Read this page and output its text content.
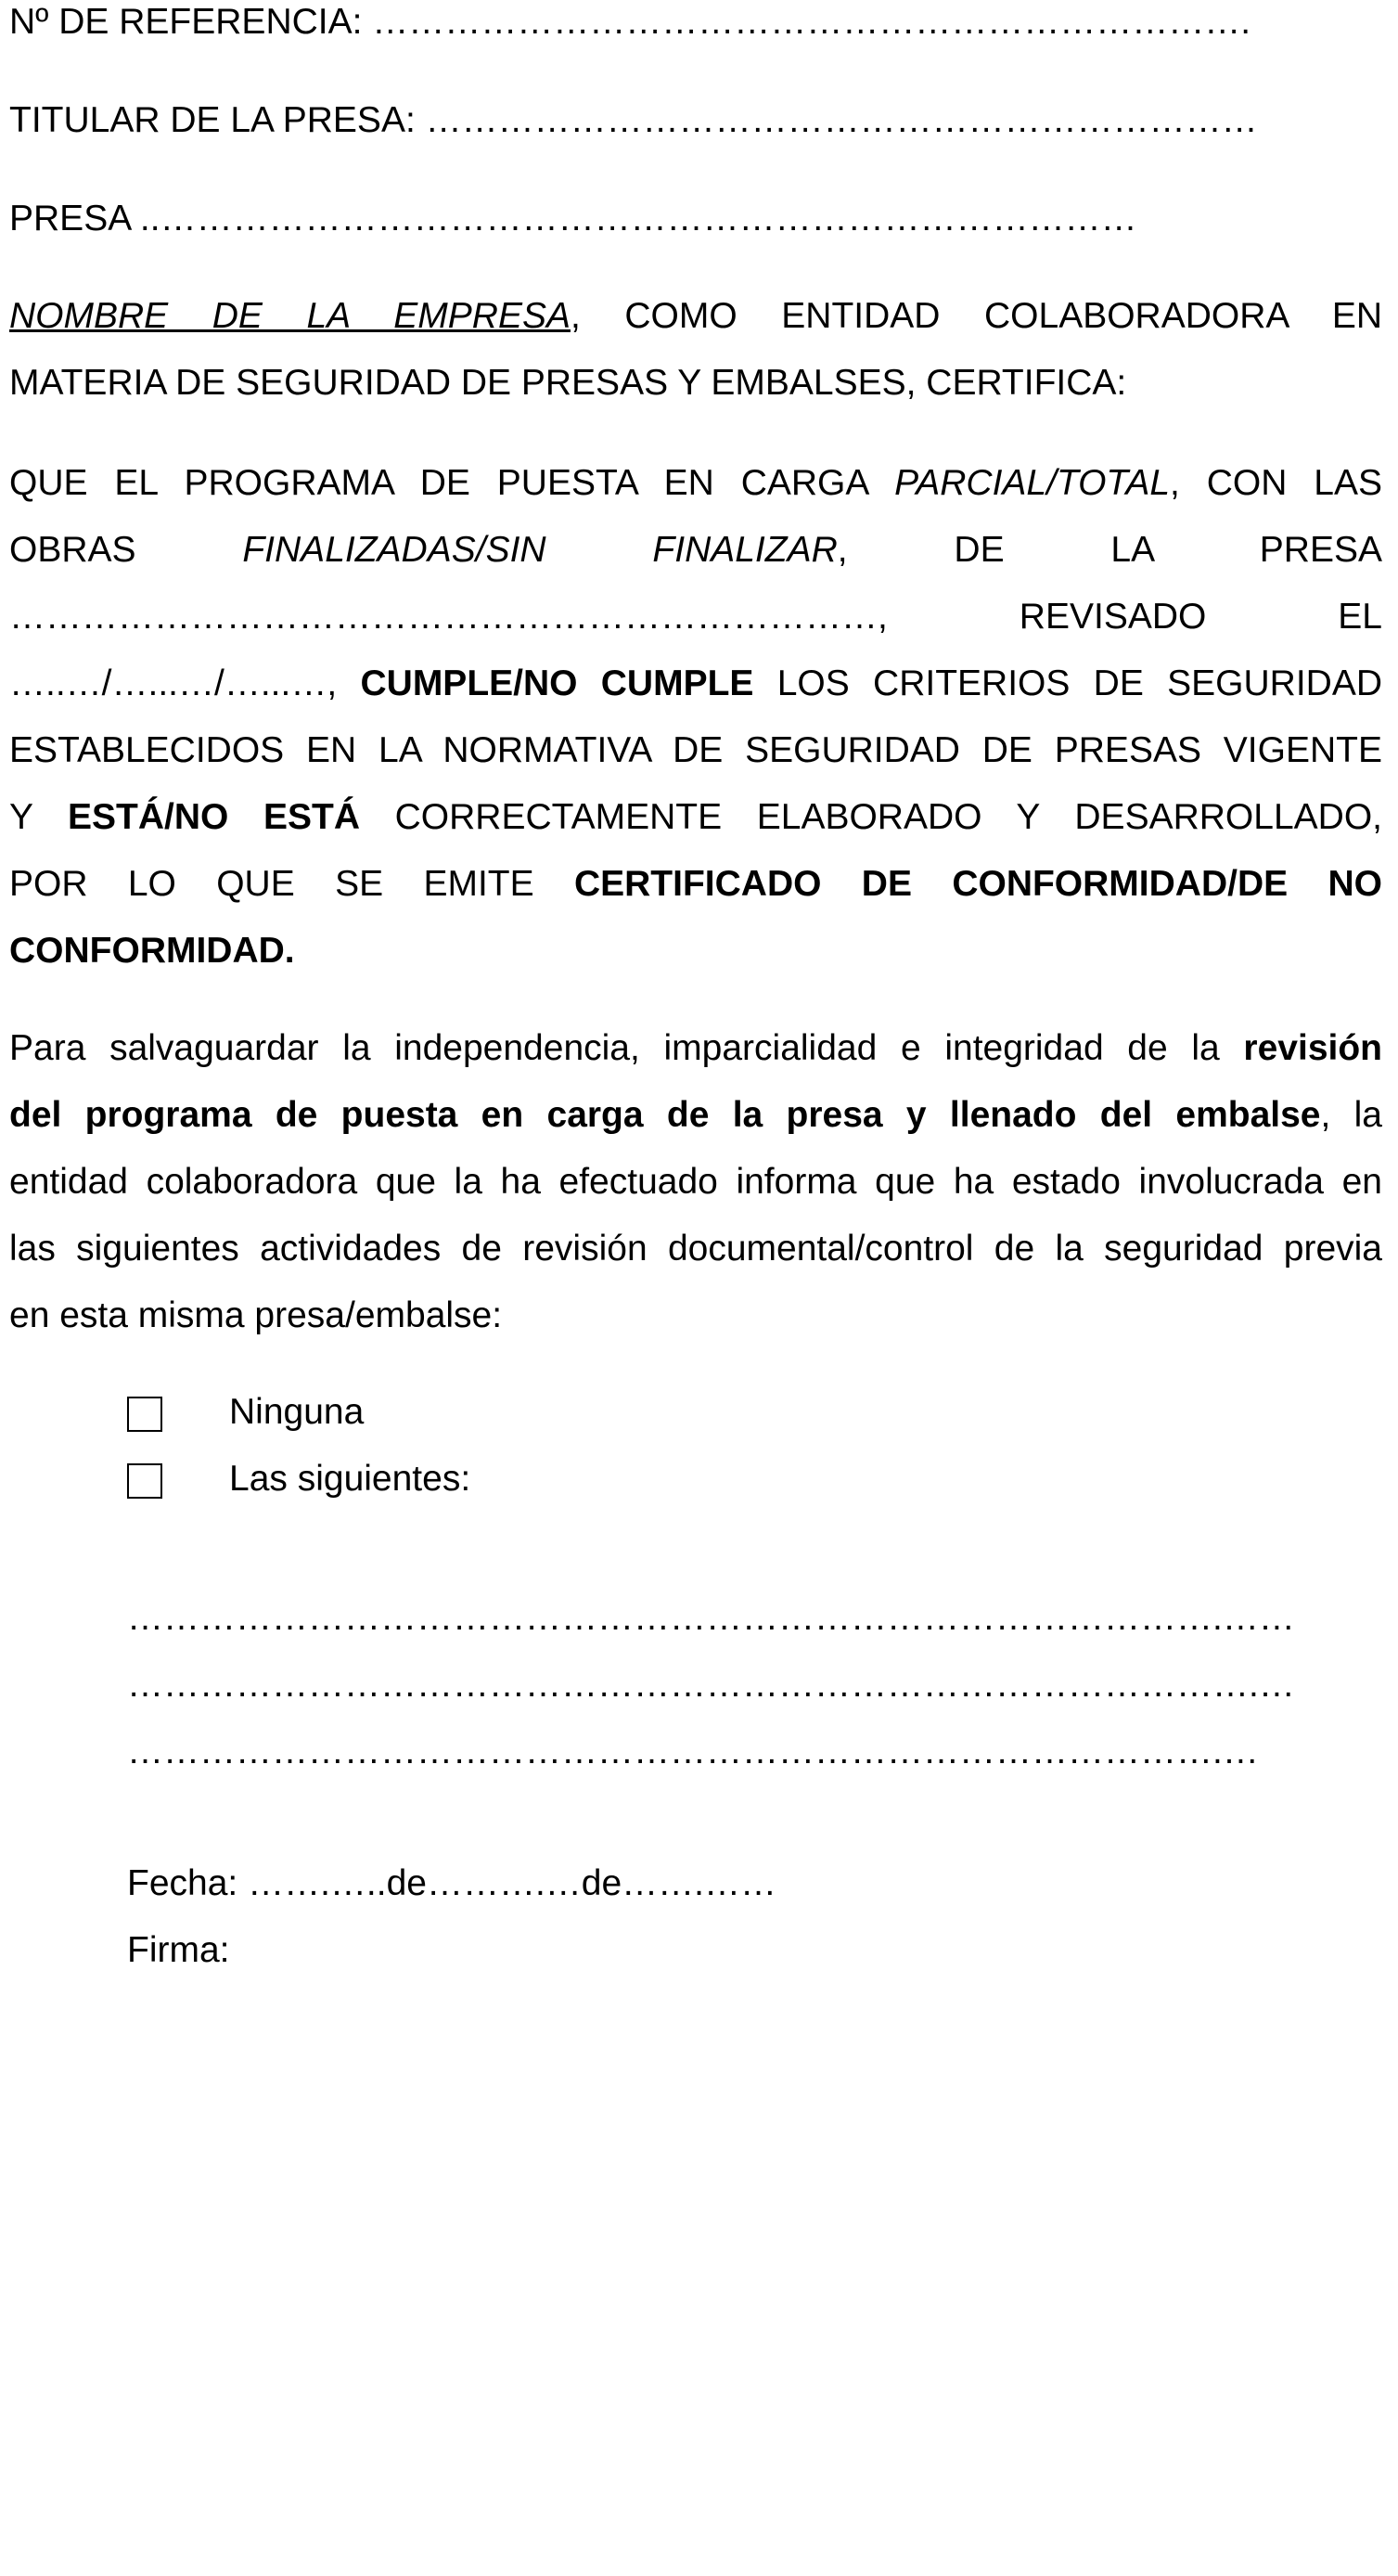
Nº DE REFERENCIA: ……………………………………………………………….
TITULAR DE LA PRESA: ……………………………………………………………
PRESA ..………………………………………………………………………
NOMBRE DE LA EMPRESA, COMO ENTIDAD COLABORADORA EN
MATERIA DE SEGURIDAD DE PRESAS Y EMBALSES, CERTIFICA:
QUE EL PROGRAMA DE PUESTA EN CARGA PARCIAL/TOTAL, CON LAS
OBRAS FINALIZADAS/SIN	FINALIZAR, DE LA PRESA
………………………………………………………………,	REVISADO EL
…..…/…...…/…...…, CUMPLE/NO CUMPLE LOS CRITERIOS DE SEGURIDAD
ESTABLECIDOS EN LA NORMATIVA DE SEGURIDAD DE PRESAS VIGENTE
Y ESTÁ/NO ESTÁ CORRECTAMENTE ELABORADO Y DESARROLLADO,
POR LO QUE SE EMITE CERTIFICADO DE CONFORMIDAD/DE NO
CONFORMIDAD.
Para salvaguardar la independencia, imparcialidad e integridad de la revisión
del programa de puesta en carga de la presa y llenado del embalse, la
entidad colaboradora que la ha efectuado informa que ha estado involucrada en
las siguientes actividades de revisión documental/control de la seguridad previa
en esta misma presa/embalse:
Ninguna
Las siguientes:
……………………………………………………………………………….……
………………………………………………………………………………….…
……………………………………………………………………………….…
Fecha: …….…..de……….…de…….……
Firma:
